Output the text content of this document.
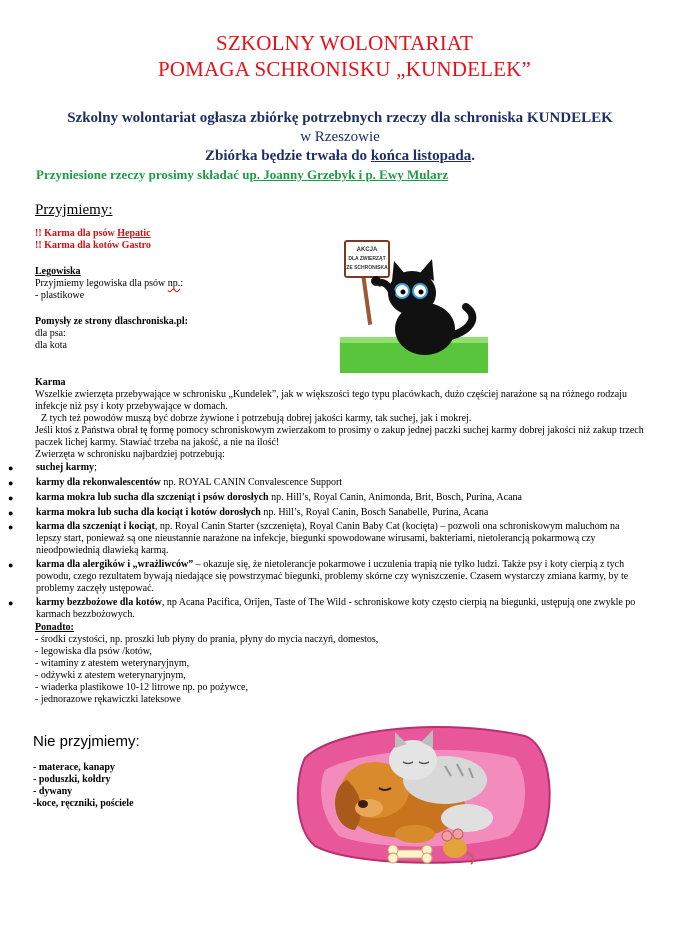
SZKOLNY WOLONTARIAT
POMAGA SCHRONISKU „KUNDELEK”
Szkolny wolontariat ogłasza zbiórkę potrzebnych rzeczy dla schroniska KUNDELEK
w Rzeszowie
Zbiórka będzie trwała do końca listopada.
Przyniesione rzeczy prosimy składać up. Joanny Grzebyk i p. Ewy Mularz
Przyjmiemy:
!! Karma dla psów Hepatic
!! Karma dla kotów Gastro
Legowiska
Przyjmiemy legowiska dla psów np.:
- plastikowe
Pomysły ze strony dlaschroniska.pl:
dla psa:
dla kota
AKCJA
DLA ZWIERZĄT
ZE SCHRONISKA
Karma
Wszelkie zwierzęta przebywające w schronisku „Kundelek”, jak w większości tego typu placówkach, dużo częściej narażone są na różnego rodzaju infekcje niż psy i koty przebywające w domach.
Z tych też powodów muszą być dobrze żywione i potrzebują dobrej jakości karmy, tak suchej, jak i mokrej.
Jeśli ktoś z Państwa obrał tę formę pomocy schroniskowym zwierzakom to prosimy o zakup jednej paczki suchej karmy dobrej jakości niż zakup trzech paczek lichej karmy. Stawiać trzeba na jakość, a nie na ilość!
Zwierzęta w schronisku najbardziej potrzebują:
● suchej karmy;
● karmy dla rekonwalescentów np. ROYAL CANIN Convalescence Support
● karma mokra lub sucha dla szczeniąt i psów dorosłych np. Hill’s, Royal Canin, Animonda, Brit, Bosch, Purina, Acana
● karma mokra lub sucha dla kociąt i kotów dorosłych np. Hill’s, Royal Canin, Bosch Sanabelle, Purina, Acana
● karma dla szczeniąt i kociąt, np. Royal Canin Starter (szczenięta), Royal Canin Baby Cat (kocięta) – pozwoli ona schroniskowym maluchom na lepszy start, ponieważ są one nieustannie narażone na infekcje, biegunki spowodowane wirusami, bakteriami, nietolerancją pokarmową czy nieodpowiednią dławieką karmą.
● karma dla alergików i „wrażliwców” – okazuje się, że nietolerancje pokarmowe i uczulenia trapią nie tylko ludzi. Także psy i koty cierpią z tych powodu, czego rezultatem bywają niedające się powstrzymać biegunki, problemy skórne czy wyniszczenie. Czasem wystarczy zmiana karmy, by te problemy zaczęły ustępować.
● karmy bezzbożowe dla kotów, np Acana Pacifica, Orijen, Taste of The Wild - schroniskowe koty często cierpią na biegunki, ustępują one zwykle po karmach bezzbożowych.
Ponadto:
- środki czystości, np. proszki lub płyny do prania, płyny do mycia naczyń, domestos,
- legowiska dla psów /kotów,
- witaminy z atestem weterynaryjnym,
- odżywki z atestem weterynaryjnym,
- wiaderka plastikowe 10-12 litrowe np. po pożywce,
- jednorazowe rękawiczki lateksowe
Nie przyjmiemy:
- materace, kanapy
- poduszki, kołdry
- dywany
-koce, ręczniki, pościele
